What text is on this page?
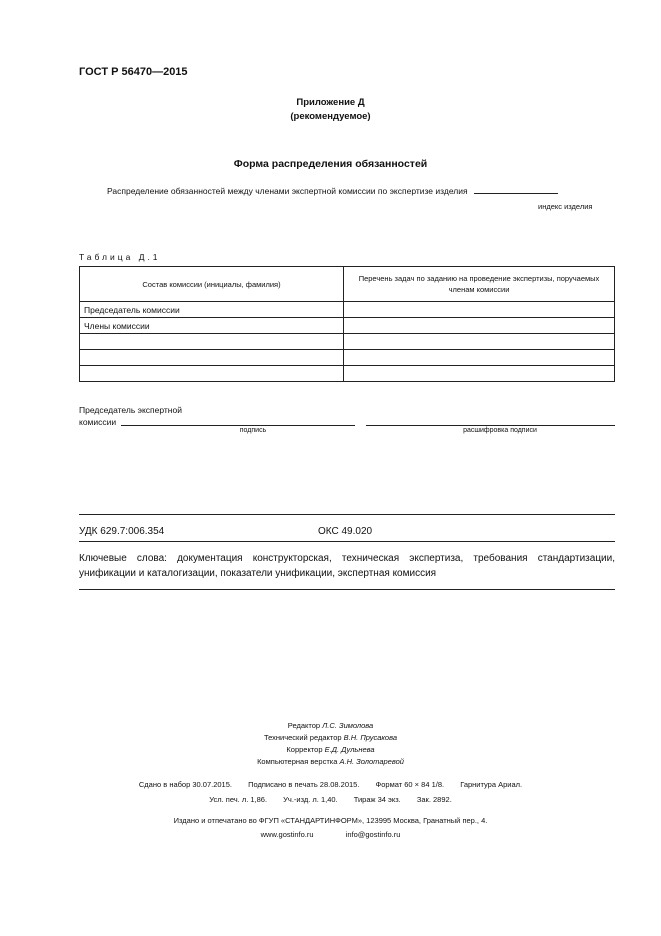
ГОСТ Р 56470—2015
Приложение Д
(рекомендуемое)
Форма распределения обязанностей
Распределение обязанностей между членами экспертной комиссии по экспертизе изделия
индекс изделия
Таблица Д.1
Состав комиссии (инициалы, фамилия)	Перечень задач по заданию на проведение экспертизы, поручаемых членам комиссии
Председатель комиссии	
Члены комиссии	

Председатель экспертной
комиссии
подпись	расшифровка подписи
УДК 629.7:006.354	ОКС 49.020
Ключевые слова: документация конструкторская, техническая экспертиза, требования стандартизации, унификации и каталогизации, показатели унификации, экспертная комиссия
Редактор Л.С. Зимолова
Технический редактор В.Н. Прусакова
Корректор Е.Д. Дульнева
Компьютерная верстка А.Н. Золотаревой
Сдано в набор 30.07.2015. Подписано в печать 28.08.2015. Формат 60 × 84 1/8. Гарнитура Ариал.
Усл. печ. л. 1,86. Уч.-изд. л. 1,40. Тираж 34 экз. Зак. 2892.
Издано и отпечатано во ФГУП «СТАНДАРТИНФОРМ», 123995 Москва, Гранатный пер., 4.
www.gostinfo.ru	info@gostinfo.ru
